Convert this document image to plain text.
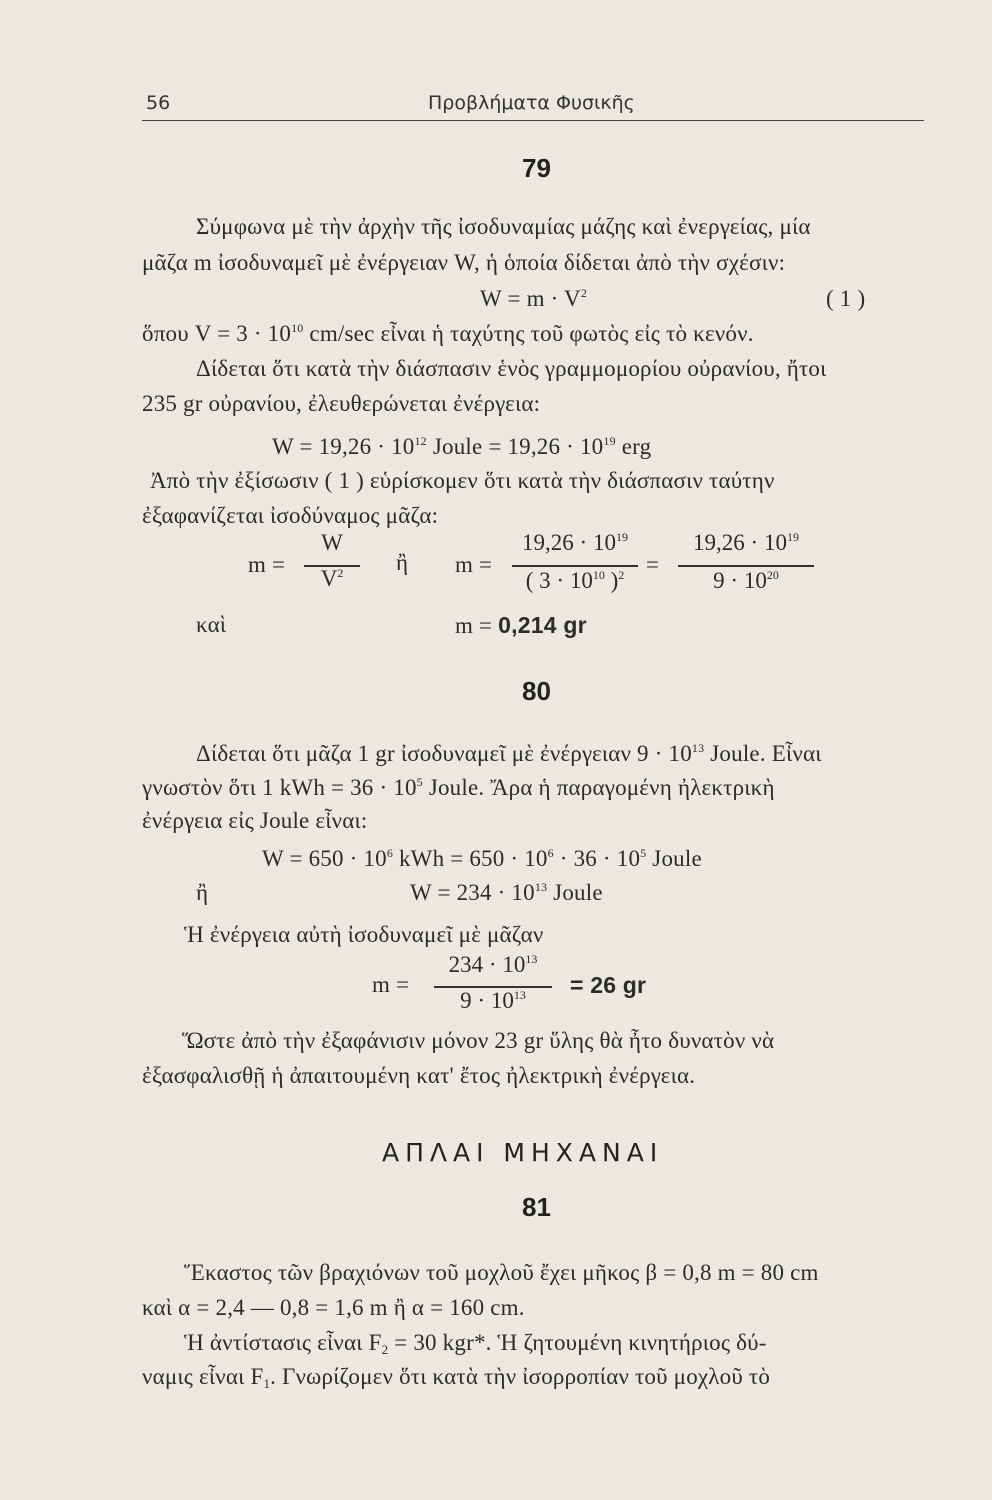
56	Προβλήματα Φυσικῆς
79
Σύμφωνα μὲ τὴν ἀρχὴν τῆς ἰσοδυναμίας μάζης καὶ ἐνεργείας, μία
μᾶζα m ἰσοδυναμεῖ μὲ ἐνέργειαν W, ἡ ὁποία δίδεται ἀπὸ τὴν σχέσιν:
$W = m \cdot V^2$	( 1 )
ὅπου $V = 3 \cdot 10^{10}$ cm/sec εἶναι ἡ ταχύτης τοῦ φωτὸς εἰς τὸ κενόν.
Δίδεται ὅτι κατὰ τὴν διάσπασιν ἑνὸς γραμμομορίου οὐρανίου, ἤτοι
235 gr οὐρανίου, ἐλευθερώνεται ἐνέργεια:
$W = 19,26 \cdot 10^{12}$ Joule = $19,26 \cdot 10^{19}$ erg
Ἀπὸ τὴν ἐξίσωσιν ( 1 ) εὑρίσκομεν ὅτι κατὰ τὴν διάσπασιν ταύτην
ἐξαφανίζεται ἰσοδύναμος μᾶζα:
m =
W
$V^2$	ἢ m =
$19,26 \cdot 10^{19}$
( $3 \cdot 10^{10}$ )$^2$ =
$19,26 \cdot 10^{19}$
$9 \cdot 10^{20}$
καὶ	m = 0,214 gr
80
Δίδεται ὅτι μᾶζα 1 gr ἰσοδυναμεῖ μὲ ἐνέργειαν $9 \cdot 10^{13}$ Joule. Εἶναι
γνωστὸν ὅτι 1 kWh = $36 \cdot 10^5$ Joule. Ἄρα ἡ παραγομένη ἠλεκτρικὴ
ἐνέργεια εἰς Joule εἶναι:
$W = 650 \cdot 10^6$ kWh = $650 \cdot 10^6 \cdot 36 \cdot 10^5$ Joule
ἢ	$W = 234 \cdot 10^{13}$ Joule
Ἡ ἐνέργεια αὐτὴ ἰσοδυναμεῖ μὲ μᾶζαν
m =
$234 \cdot 10^{13}$
$9 \cdot 10^{13}$	= 26 gr
Ὥστε ἀπὸ τὴν ἐξαφάνισιν μόνον 23 gr ὕλης θὰ ἦτο δυνατὸν νὰ
ἐξασφαλισθῇ ἡ ἀπαιτουμένη κατ' ἔτος ἠλεκτρικὴ ἐνέργεια.
ΑΠΛΑΙ ΜΗΧΑΝΑΙ
81
Ἕκαστος τῶν βραχιόνων τοῦ μοχλοῦ ἔχει μῆκος β = 0,8 m = 80 cm
καὶ α = 2,4 — 0,8 = 1,6 m ἢ α = 160 cm.
Ἡ ἀντίστασις εἶναι $F_2 = 30$ kgr*. Ἡ ζητουμένη κινητήριος δύ-
ναμις εἶναι $F_1$. Γνωρίζομεν ὅτι κατὰ τὴν ἰσορροπίαν τοῦ μοχλοῦ τὸ
